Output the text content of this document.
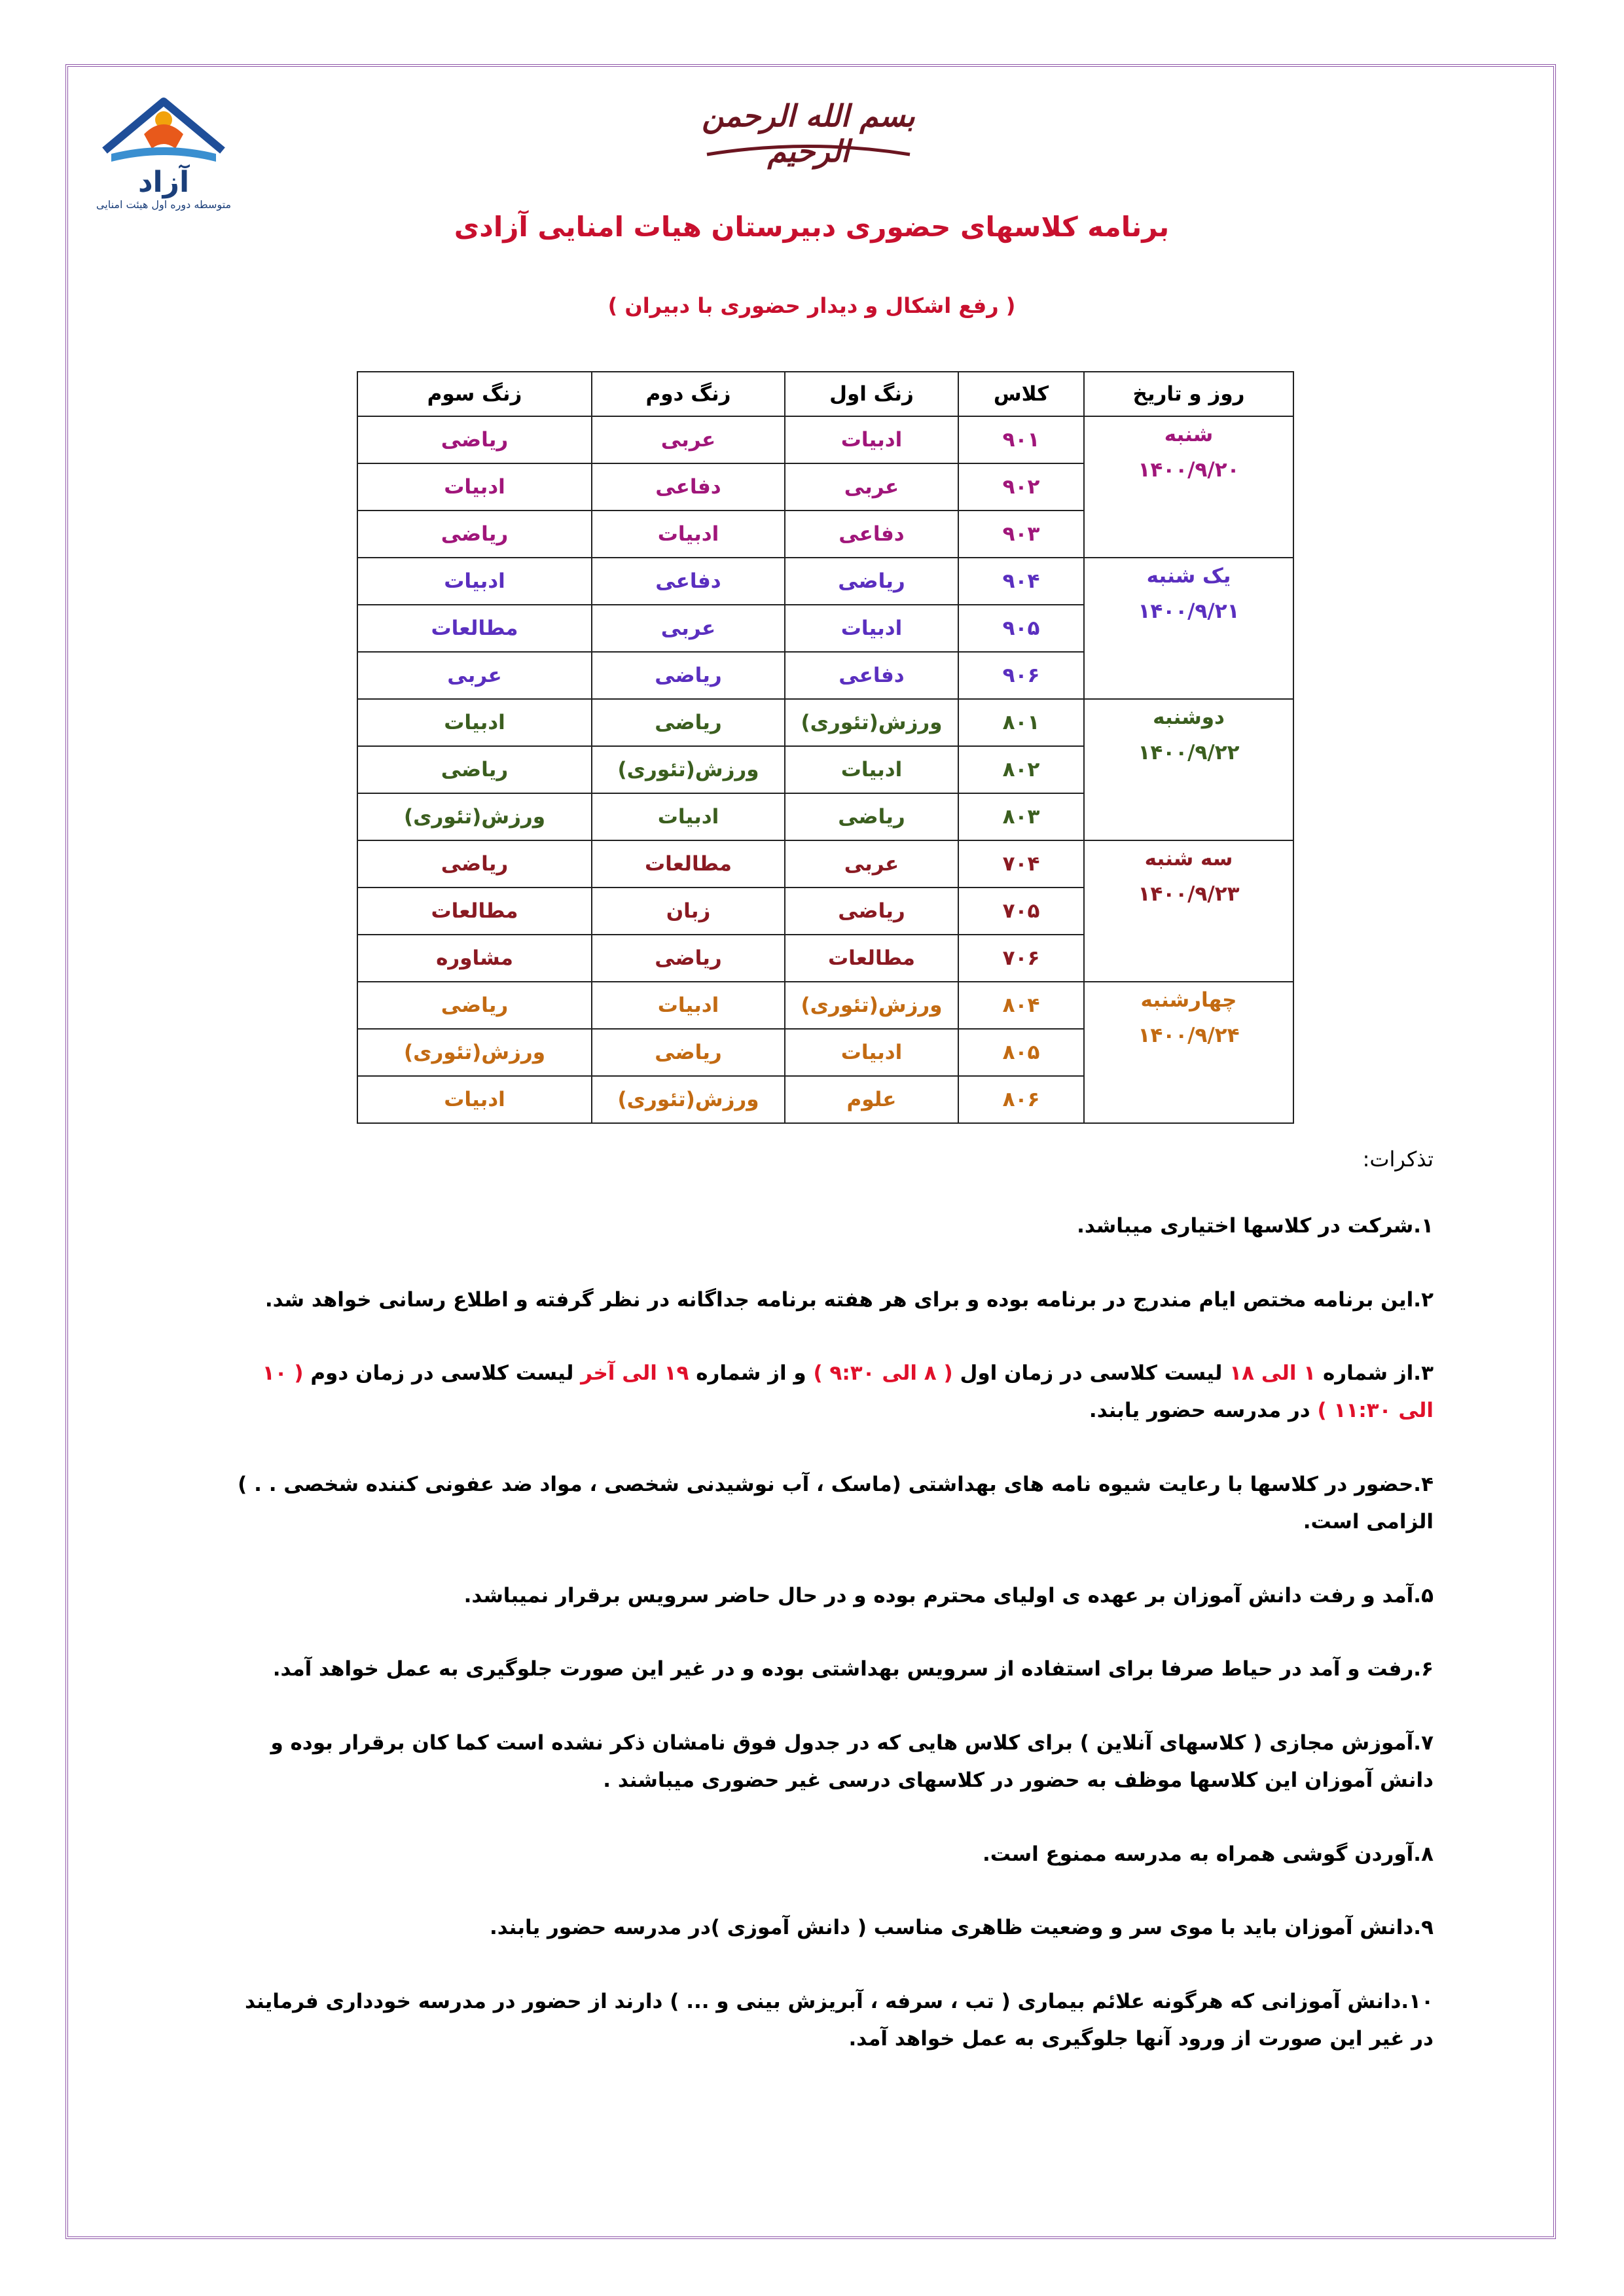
آزاد
متوسطه دوره اول هیئت امنایی
بسم الله الرحمن الرحیم
برنامه کلاسهای حضوری دبیرستان هیات امنایی آزادی
( رفع اشکال و دیدار حضوری با دبیران )
روز و تاریخ	کلاس	زنگ اول	زنگ دوم	زنگ سوم

شنبه
۱۴۰۰/۹/۲۰	۹۰۱	ادبیات	عربی	ریاضی
	۹۰۲	عربی	دفاعی	ادبیات
	۹۰۳	دفاعی	ادبیات	ریاضی

یک شنبه
۱۴۰۰/۹/۲۱	۹۰۴	ریاضی	دفاعی	ادبیات
	۹۰۵	ادبیات	عربی	مطالعات
	۹۰۶	دفاعی	ریاضی	عربی

دوشنبه
۱۴۰۰/۹/۲۲	۸۰۱	ورزش(تئوری)	ریاضی	ادبیات
	۸۰۲	ادبیات	ورزش(تئوری)	ریاضی
	۸۰۳	ریاضی	ادبیات	ورزش(تئوری)

سه شنبه
۱۴۰۰/۹/۲۳	۷۰۴	عربی	مطالعات	ریاضی
	۷۰۵	ریاضی	زبان	مطالعات
	۷۰۶	مطالعات	ریاضی	مشاوره

چهارشنبه
۱۴۰۰/۹/۲۴	۸۰۴	ورزش(تئوری)	ادبیات	ریاضی
	۸۰۵	ادبیات	ریاضی	ورزش(تئوری)
	۸۰۶	علوم	ورزش(تئوری)	ادبیات
تذکرات:
۱.شرکت در کلاسها اختیاری میباشد.
۲.این برنامه مختص ایام مندرج در برنامه بوده و برای هر هفته برنامه جداگانه در نظر گرفته و اطلاع رسانی خواهد شد.
۳.از شماره ۱ الی ۱۸ لیست کلاسی در زمان اول ( ۸ الی ۹:۳۰ ) و از شماره ۱۹ الی آخر لیست کلاسی در زمان دوم ( ۱۰ الی ۱۱:۳۰ ) در مدرسه حضور یابند.
۴.حضور در کلاسها با رعایت شیوه نامه های بهداشتی (ماسک ، آب نوشیدنی شخصی ، مواد ضد عفونی کننده شخصی . . ) الزامی است.
۵.آمد و رفت دانش آموزان بر عهده ی اولیای محترم بوده و در حال حاضر سرویس برقرار نمیباشد.
۶.رفت و آمد در حیاط صرفا برای استفاده از سرویس بهداشتی بوده و در غیر این صورت جلوگیری به عمل خواهد آمد.
۷.آموزش مجازی ( کلاسهای آنلاین ) برای کلاس هایی که در جدول فوق نامشان ذکر نشده است کما کان برقرار بوده و دانش آموزان این کلاسها موظف به حضور در کلاسهای درسی غیر حضوری میباشند .
۸.آوردن گوشی همراه به مدرسه ممنوع است.
۹.دانش آموزان باید با موی سر و وضعیت ظاهری مناسب ( دانش آموزی )در مدرسه حضور یابند.
۱۰.دانش آموزانی که هرگونه علائم بیماری ( تب ، سرفه ، آبریزش بینی و ... ) دارند از حضور در مدرسه خودداری فرمایند در غیر این صورت از ورود آنها جلوگیری به عمل خواهد آمد.
